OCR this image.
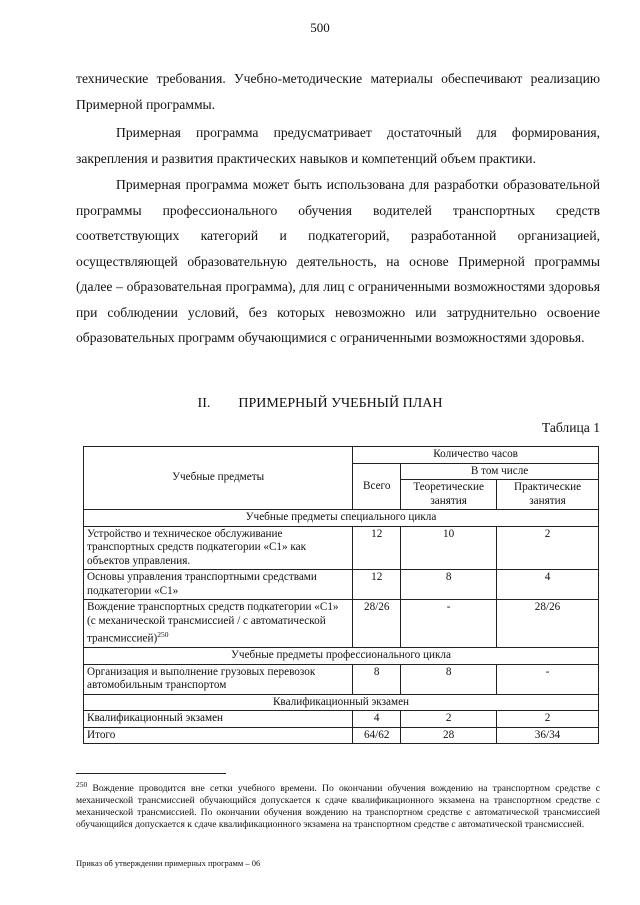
500

технические требования. Учебно-методические материалы обеспечивают реализацию Примерной программы.

Примерная программа предусматривает достаточный для формирования, закрепления и развития практических навыков и компетенций объем практики.

Примерная программа может быть использована для разработки образовательной программы профессионального обучения водителей транспортных средств соответствующих категорий и подкатегорий, разработанной организацией, осуществляющей образовательную деятельность, на основе Примерной программы (далее – образовательная программа), для лиц с ограниченными возможностями здоровья при соблюдении условий, без которых невозможно или затруднительно освоение образовательных программ обучающимися с ограниченными возможностями здоровья.

II. ПРИМЕРНЫЙ УЧЕБНЫЙ ПЛАН
Таблица 1
Учебные предметы	Количество часов		
	Всего	В том числе	
		Теоретические занятия	Практические занятия
Учебные предметы специального цикла			
Устройство и техническое обслуживание транспортных средств подкатегории «С1» как объектов управления.	12	10	2
Основы управления транспортными средствами подкатегории «С1»	12	8	4
Вождение транспортных средств подкатегории «С1» (с механической трансмиссией / с автоматической трансмиссией)$^{250}$	28/26	-	28/26
Учебные предметы профессионального цикла			
Организация и выполнение грузовых перевозок автомобильным транспортом	8	8	-
Квалификационный экзамен			
Квалификационный экзамен	4	2	2
Итого	64/62	28	36/34

$^{250}$ Вождение проводится вне сетки учебного времени. По окончании обучения вождению на транспортном средстве с механической трансмиссией обучающийся допускается к сдаче квалификационного экзамена на транспортном средстве с механической трансмиссией. По окончании обучения вождению на транспортном средстве с автоматической трансмиссией обучающийся допускается к сдаче квалификационного экзамена на транспортном средстве с автоматической трансмиссией.

Приказ об утверждении примерных программ – 06
